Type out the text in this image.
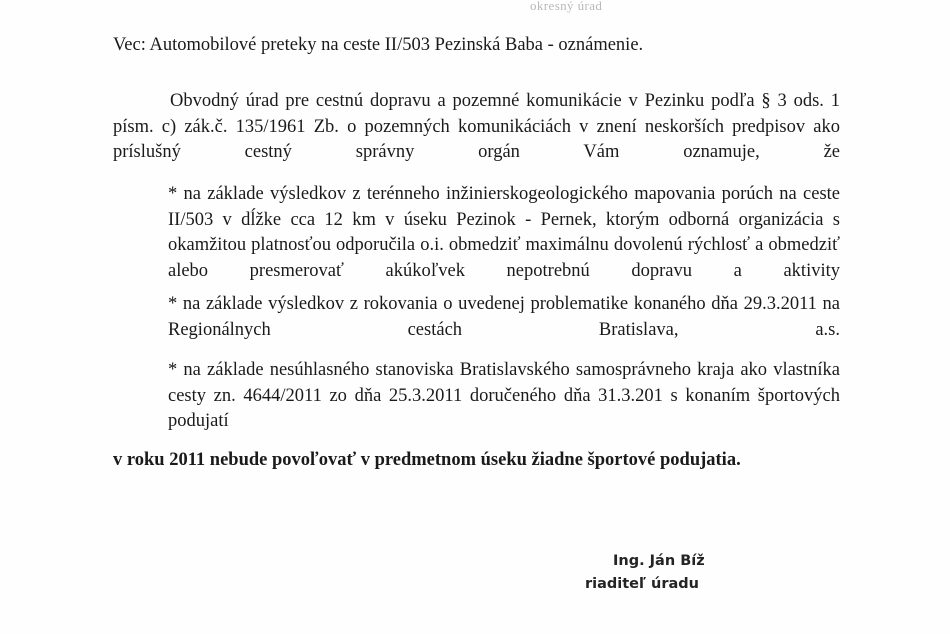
okresný úrad
Vec: Automobilové preteky na ceste II/503 Pezinská Baba - oznámenie.
Obvodný úrad pre cestnú dopravu a pozemné komunikácie v Pezinku podľa § 3 ods. 1 písm. c) zák.č. 135/1961 Zb. o pozemných komunikáciách v znení neskorších predpisov ako príslušný cestný správny orgán Vám oznamuje, že
* na základe výsledkov z terénneho inžinierskogeologického mapovania porúch na ceste II/503 v dĺžke cca 12 km v úseku Pezinok - Pernek, ktorým odborná organizácia s okamžitou platnosťou odporučila o.i. obmedziť maximálnu dovolenú rýchlosť a obmedziť alebo presmerovať akúkoľvek nepotrebnú dopravu a aktivity
* na základe výsledkov z rokovania o uvedenej problematike konaného dňa 29.3.2011 na Regionálnych cestách Bratislava, a.s.
* na základe nesúhlasného stanoviska Bratislavského samosprávneho kraja ako vlastníka cesty zn. 4644/2011 zo dňa 25.3.2011 doručeného dňa 31.3.201 s konaním športových podujatí
v roku 2011 nebude povoľovať v predmetnom úseku žiadne športové podujatia.
Ing. Ján Bíž
riaditeľ úradu
